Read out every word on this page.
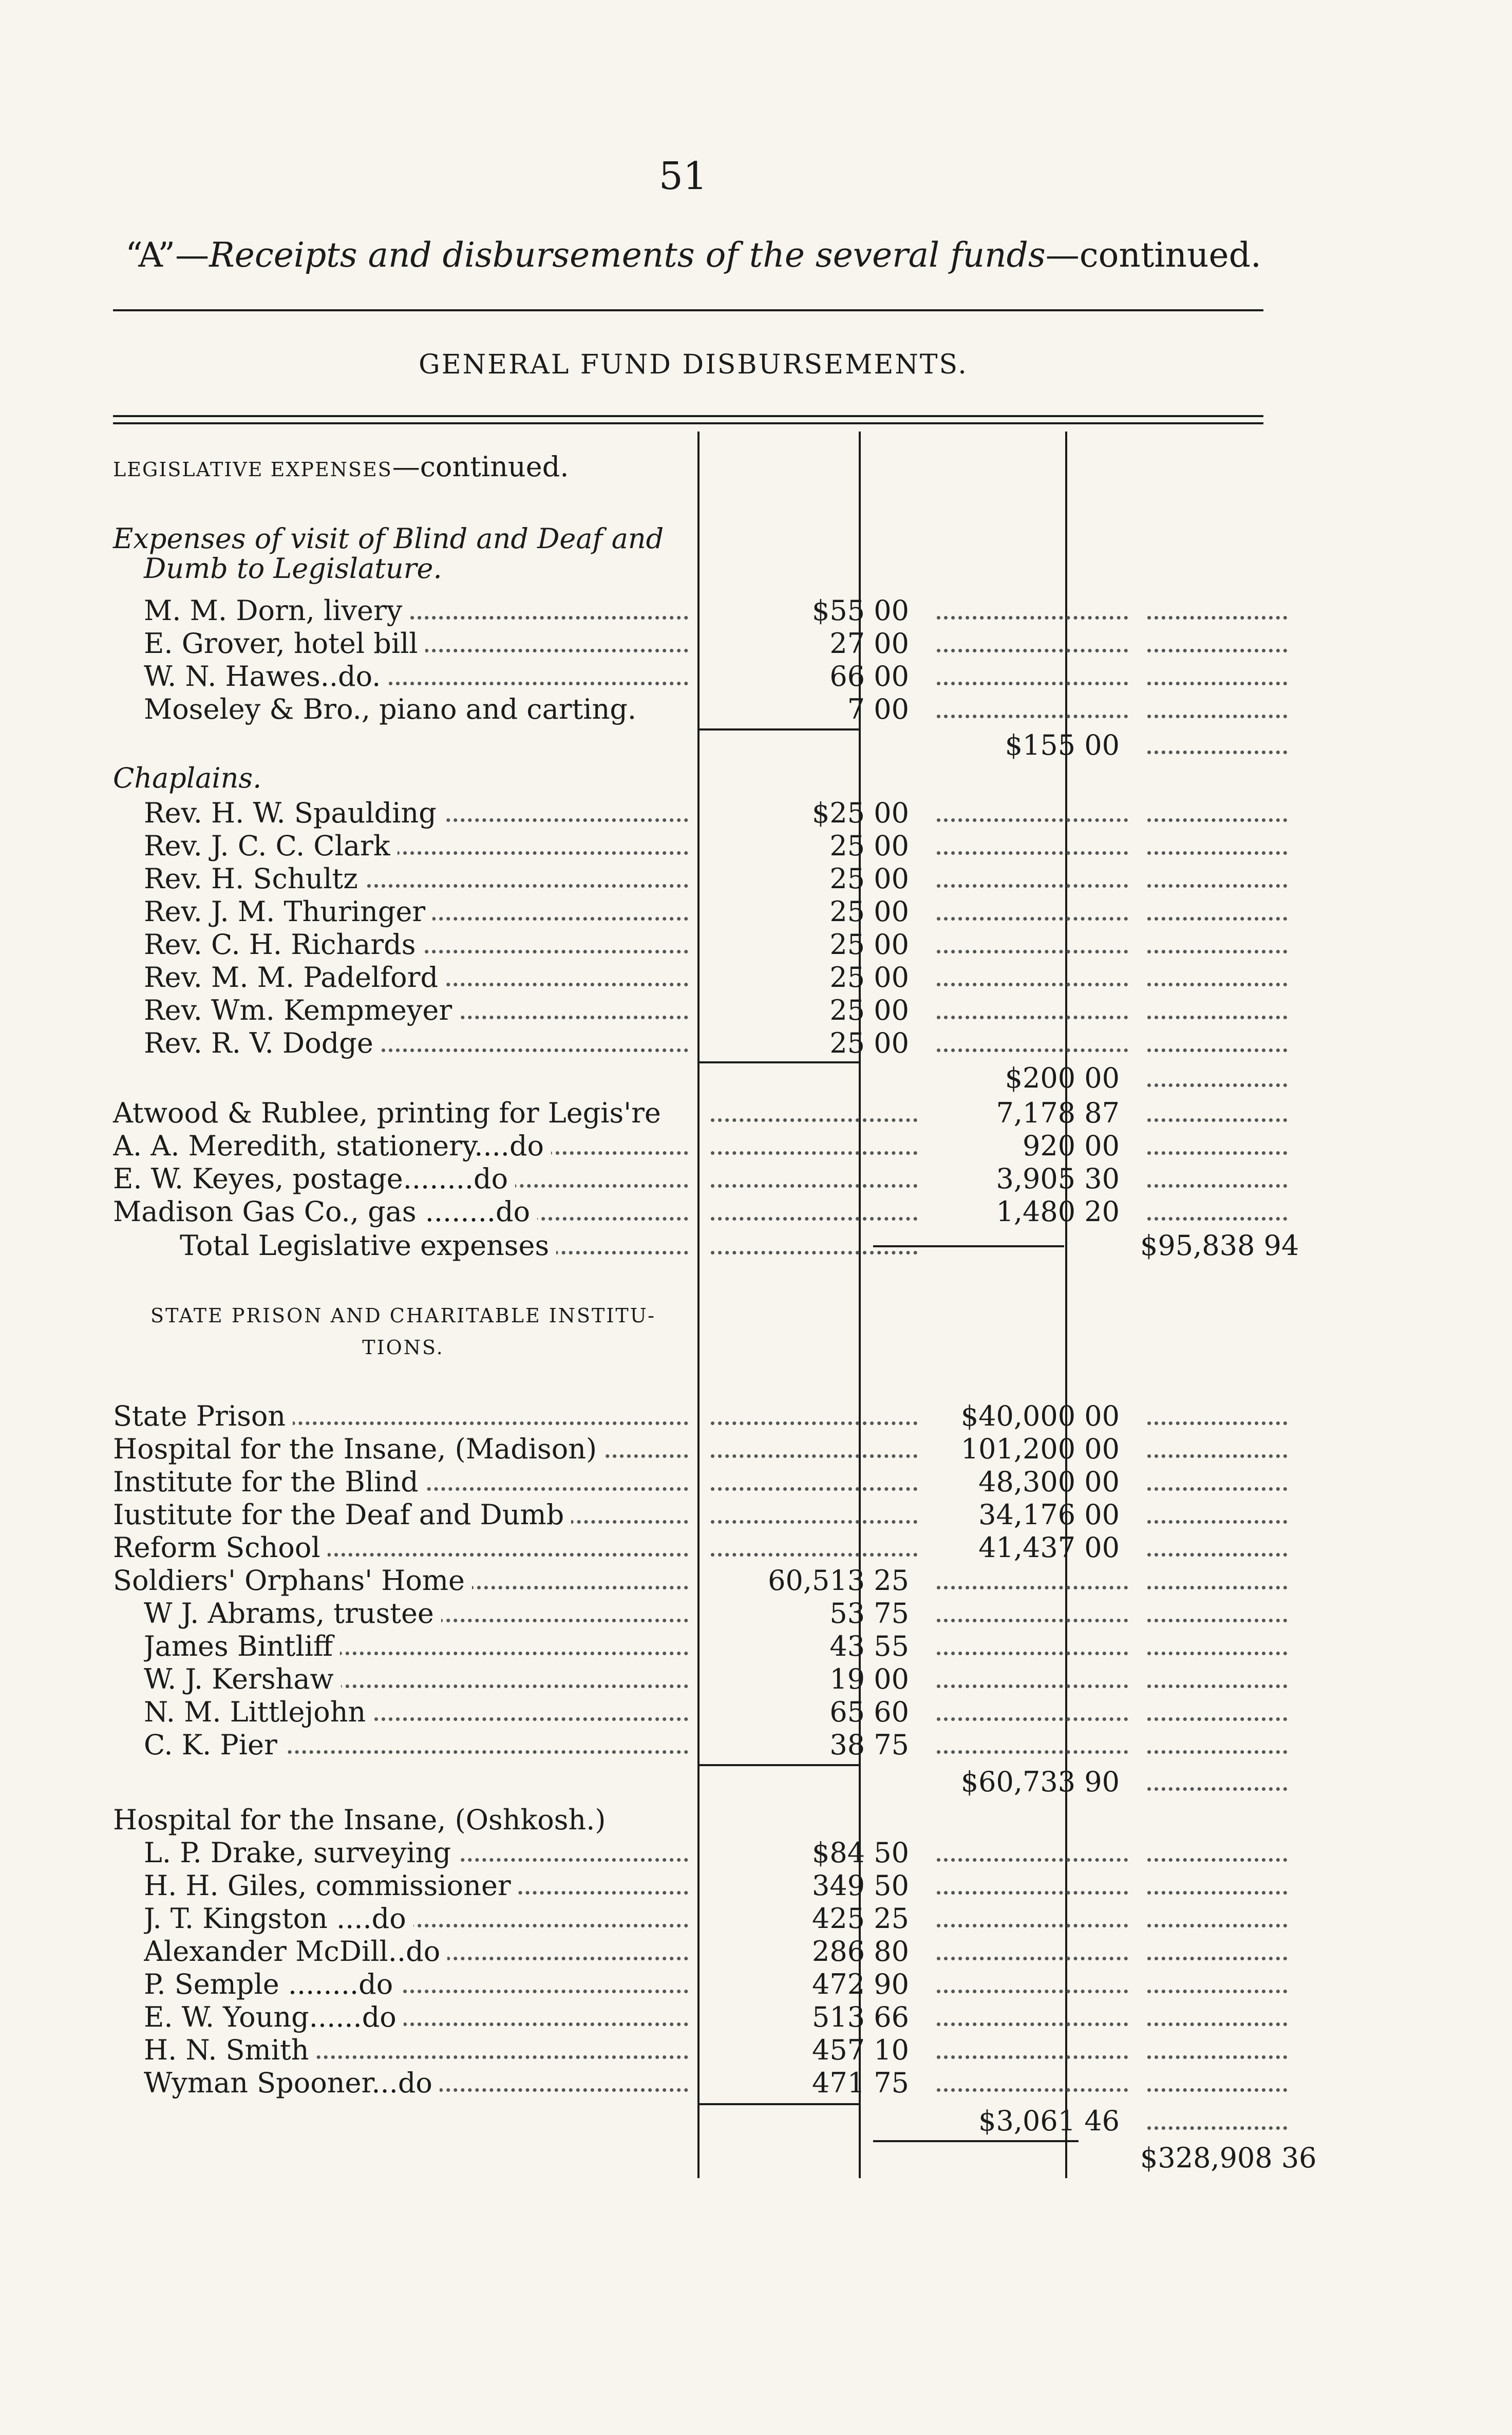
51
“A”—Receipts and disbursements of the several funds—continued.
GENERAL FUND DISBURSEMENTS.
LEGISLATIVE EXPENSES—continued.
Expenses of visit of Blind and Deaf and
Dumb to Legislature.
M. M. Dorn, livery	$55 00
E. Grover, hotel bill	27 00
W. N. Hawes..do.	66 00
Moseley & Bro., piano and carting.	7 00
$155 00
Chaplains.
Rev. H. W. Spaulding	$25 00
Rev. J. C. C. Clark	25 00
Rev. H. Schultz	25 00
Rev. J. M. Thuringer	25 00
Rev. C. H. Richards	25 00
Rev. M. M. Padelford	25 00
Rev. Wm. Kempmeyer	25 00
Rev. R. V. Dodge	25 00
$200 00
Atwood & Rublee, printing for Legis're	7,178 87
A. A. Meredith, stationery....do	920 00
E. W. Keyes, postage........do	3,905 30
Madison Gas Co., gas ........do	1,480 20
Total Legislative expenses	$95,838 94
STATE PRISON AND CHARITABLE INSTITU-
TIONS.
State Prison	$40,000 00
Hospital for the Insane, (Madison)	101,200 00
Institute for the Blind	48,300 00
Iustitute for the Deaf and Dumb	34,176 00
Reform School	41,437 00
Soldiers' Orphans' Home	60,513 25
W J. Abrams, trustee	53 75
James Bintliff	43 55
W. J. Kershaw	19 00
N. M. Littlejohn	65 60
C. K. Pier	38 75
$60,733 90
Hospital for the Insane, (Oshkosh.)
L. P. Drake, surveying	$84 50
H. H. Giles, commissioner	349 50
J. T. Kingston ....do	425 25
Alexander McDill..do	286 80
P. Semple ........do	472 90
E. W. Young......do	513 66
H. N. Smith	457 10
Wyman Spooner...do	471 75
$3,061 46
$328,908 36
